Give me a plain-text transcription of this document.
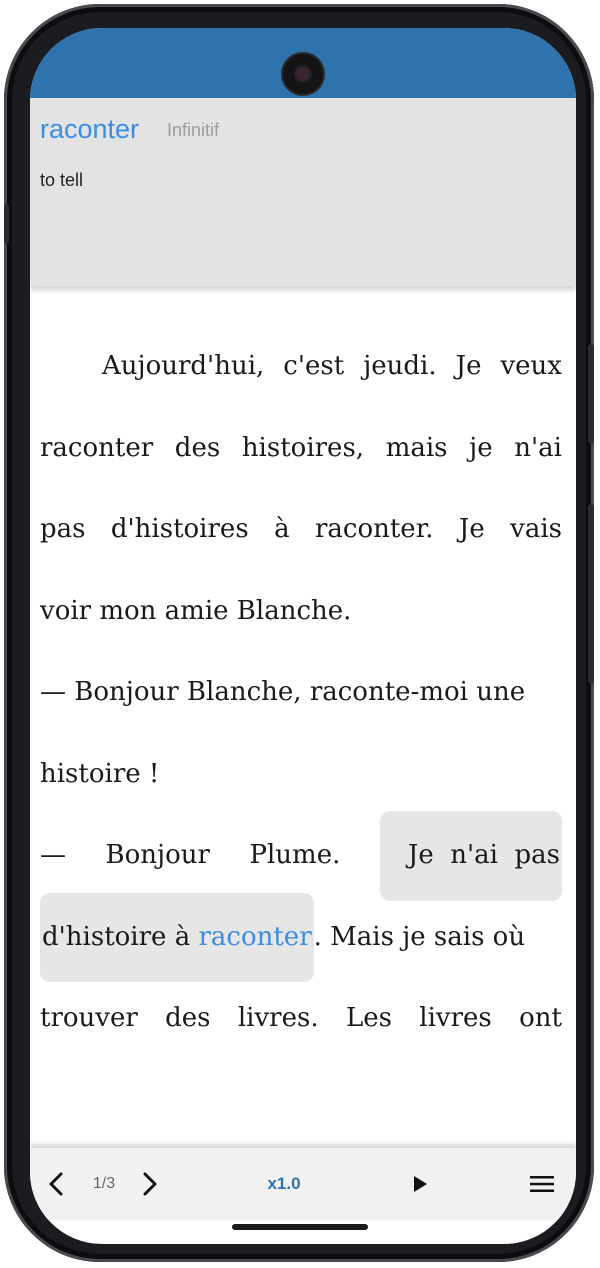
raconter Infinitif
to tell
Aujourd'hui, c'est jeudi. Je veux
raconter des histoires, mais je n'ai
pas d'histoires à raconter. Je vais
voir mon amie Blanche.
— Bonjour Blanche, raconte-moi une
histoire !
— Bonjour Plume.	Je  n'ai  pas
d'histoire à raconter . Mais je sais où
trouver des livres. Les livres ont
1/3	x1.0
